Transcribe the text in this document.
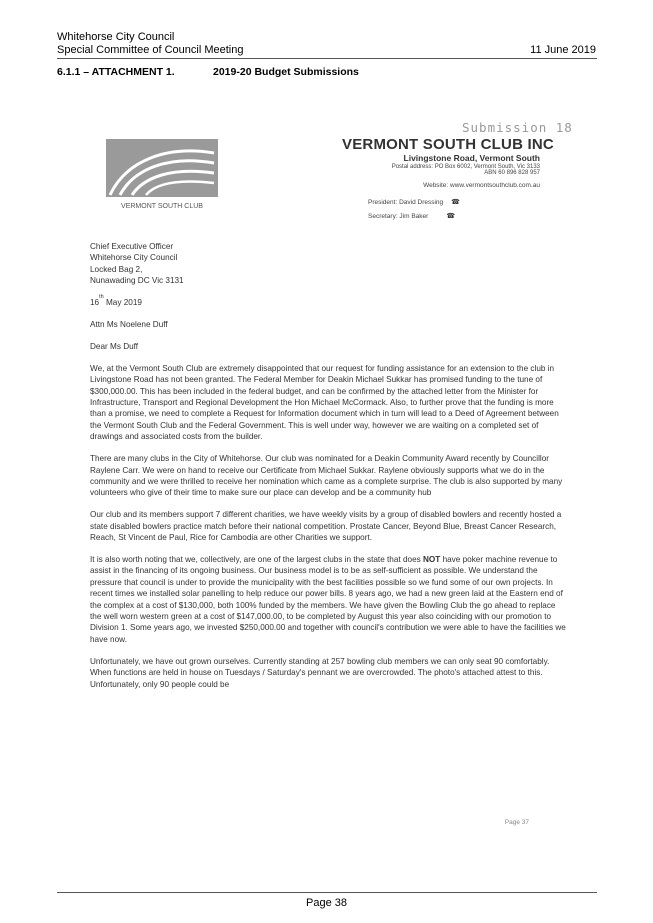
Whitehorse City Council
Special Committee of Council Meeting	11 June 2019
6.1.1 – ATTACHMENT 1.	2019-20 Budget Submissions
Submission 18
VERMONT SOUTH CLUB
VERMONT SOUTH CLUB INC
Livingstone Road, Vermont South
Postal address: PO Box 6002, Vermont South, Vic 3133
ABN 60 896 828 957
Website: www.vermontsouthclub.com.au
President: David Dressing ☎
Secretary: Jim Baker	☎
Chief Executive Officer
Whitehorse City Council
Locked Bag 2,
Nunawading DC Vic 3131

16th May 2019

Attn Ms Noelene Duff

Dear Ms Duff

We, at the Vermont South Club are extremely disappointed that our request for funding assistance for an extension to the club in Livingstone Road has not been granted. The Federal Member for Deakin Michael Sukkar has promised funding to the tune of $300,000.00. This has been included in the federal budget, and can be confirmed by the attached letter from the Minister for Infrastructure, Transport and Regional Development the Hon Michael McCormack. Also, to further prove that the funding is more than a promise, we need to complete a Request for Information document which in turn will lead to a Deed of Agreement between the Vermont South Club and the Federal Government. This is well under way, however we are waiting on a completed set of drawings and associated costs from the builder.

There are many clubs in the City of Whitehorse. Our club was nominated for a Deakin Community Award recently by Councillor Raylene Carr. We were on hand to receive our Certificate from Michael Sukkar. Raylene obviously supports what we do in the community and we were thrilled to receive her nomination which came as a complete surprise. The club is also supported by many volunteers who give of their time to make sure our place can develop and be a community hub

Our club and its members support 7 different charities, we have weekly visits by a group of disabled bowlers and recently hosted a state disabled bowlers practice match before their national competition. Prostate Cancer, Beyond Blue, Breast Cancer Research, Reach, St Vincent de Paul, Rice for Cambodia are other Charities we support.

It is also worth noting that we, collectively, are one of the largest clubs in the state that does NOT have poker machine revenue to assist in the financing of its ongoing business. Our business model is to be as self-sufficient as possible. We understand the pressure that council is under to provide the municipality with the best facilities possible so we fund some of our own projects. In recent times we installed solar panelling to help reduce our power bills. 8 years ago, we had a new green laid at the Eastern end of the complex at a cost of $130,000, both 100% funded by the members. We have given the Bowling Club the go ahead to replace the well worn western green at a cost of $147,000.00, to be completed by August this year also coinciding with our promotion to Division 1. Some years ago, we invested $250,000.00 and together with council's contribution we were able to have the facilities we have now.

Unfortunately, we have out grown ourselves. Currently standing at 257 bowling club members we can only seat 90 comfortably. When functions are held in house on Tuesdays / Saturday's pennant we are overcrowded. The photo's attached attest to this. Unfortunately, only 90 people could be

Page 37
Page 38
